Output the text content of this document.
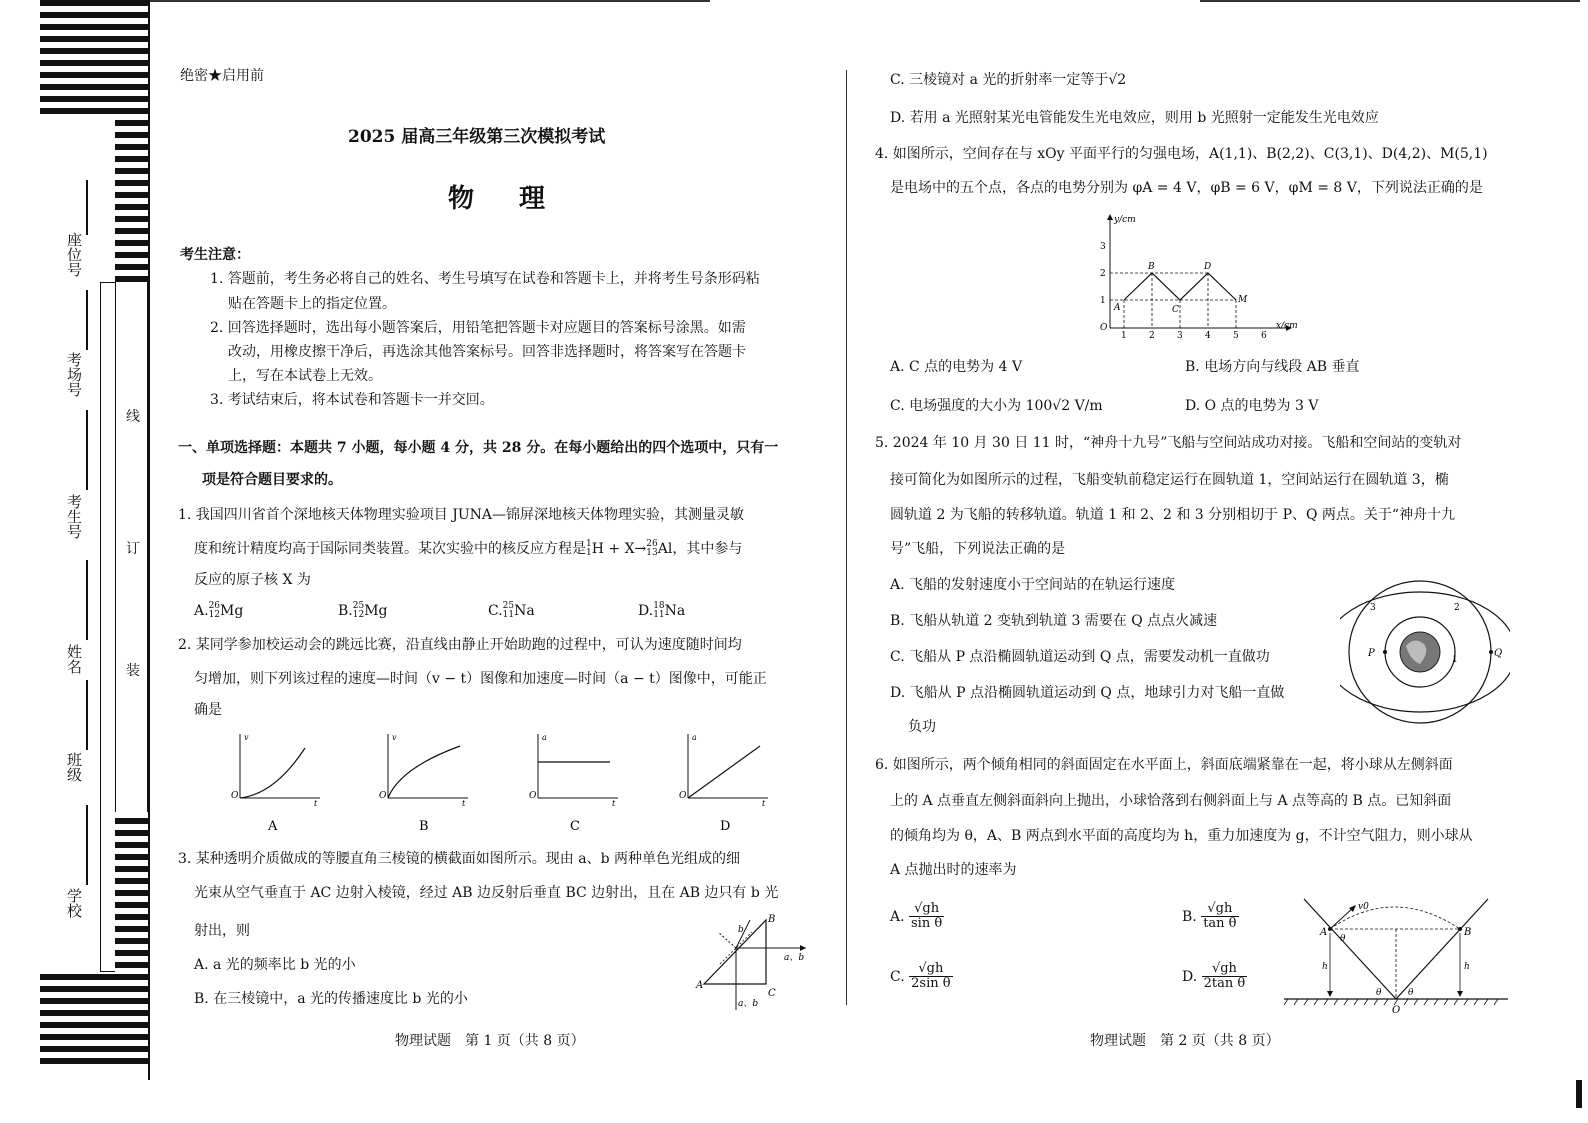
座位号
考场号
考生号
姓名
班级
学校
线
订
装
绝密★启用前
2025 届高三年级第三次模拟考试
物 理
考生注意：
1. 答题前，考生务必将自己的姓名、考生号填写在试卷和答题卡上，并将考生号条形码粘
贴在答题卡上的指定位置。
2. 回答选择题时，选出每小题答案后，用铅笔把答题卡对应题目的答案标号涂黑。如需
改动，用橡皮擦干净后，再选涂其他答案标号。回答非选择题时，将答案写在答题卡
上，写在本试卷上无效。
3. 考试结束后，将本试卷和答题卡一并交回。
一、单项选择题：本题共 7 小题，每小题 4 分，共 28 分。在每小题给出的四个选项中，只有一
项是符合题目要求的。
1. 我国四川省首个深地核天体物理实验项目 JUNA—锦屏深地核天体物理实验，其测量灵敏
度和统计精度均高于国际同类装置。某次实验中的核反应方程是 1
1 H + X→ 26
13 Al，其中参与
反应的原子核 X 为
A. 26
12 Mg	B. 25
12 Mg	C. 25
11 Na	D. 18
11 Na
2. 某同学参加校运动会的跳远比赛，沿直线由静止开始助跑的过程中，可认为速度随时间均
匀增加，则下列该过程的速度—时间（v − t）图像和加速度—时间（a − t）图像中，可能正
确是
v
O
t
A
v
O
t
B
a
O
t
C
a
O
t
D
3. 某种透明介质做成的等腰直角三棱镜的横截面如图所示。现由 a、b 两种单色光组成的细
光束从空气垂直于 AC 边射入棱镜，经过 AB 边反射后垂直 BC 边射出，且在 AB 边只有 b 光
射出，则
A. a 光的频率比 b 光的小
B. 在三棱镜中，a 光的传播速度比 b 光的小
B
A
C
b
a、b
a、b
物理试题　第 1 页（共 8 页）
C. 三棱镜对 a 光的折射率一定等于√2
D. 若用 a 光照射某光电管能发生光电效应，则用 b 光照射一定能发生光电效应
4. 如图所示，空间存在与 xOy 平面平行的匀强电场，A(1,1)、B(2,2)、C(3,1)、D(4,2)、M(5,1)
是电场中的五个点，各点的电势分别为 φA = 4 V，φB = 6 V，φM = 8 V，下列说法正确的是
y/cm
x/cm
O
1 2 3 4 5 6
1
2
3
A
B
C
D
M
A. C 点的电势为 4 V	B. 电场方向与线段 AB 垂直
C. 电场强度的大小为 100√2 V/m	D. O 点的电势为 3 V
5. 2024 年 10 月 30 日 11 时，“神舟十九号”飞船与空间站成功对接。飞船和空间站的变轨对
接可简化为如图所示的过程，飞船变轨前稳定运行在圆轨道 1，空间站运行在圆轨道 3，椭
圆轨道 2 为飞船的转移轨道。轨道 1 和 2、2 和 3 分别相切于 P、Q 两点。关于“神舟十九
号”飞船，下列说法正确的是
A. 飞船的发射速度小于空间站的在轨运行速度
B. 飞船从轨道 2 变轨到轨道 3 需要在 Q 点点火减速
C. 飞船从 P 点沿椭圆轨道运动到 Q 点，需要发动机一直做功
D. 飞船从 P 点沿椭圆轨道运动到 Q 点，地球引力对飞船一直做
负功
P	Q
1
2
3
6. 如图所示，两个倾角相同的斜面固定在水平面上，斜面底端紧靠在一起，将小球从左侧斜面
上的 A 点垂直左侧斜面斜向上抛出，小球恰落到右侧斜面上与 A 点等高的 B 点。已知斜面
的倾角均为 θ，A、B 两点到水平面的高度均为 h，重力加速度为 g，不计空气阻力，则小球从
A 点抛出时的速率为
A. $\frac{√gh}{\text{sin θ}}$	B. $\frac{√gh}{\text{tan θ}}$
C. $\frac{√gh}{\text{2sin θ}}$	D. $\frac{√gh}{\text{2tan θ}}$
A	B
O
v0
h	h
θ
θ	θ
物理试题　第 2 页（共 8 页）
